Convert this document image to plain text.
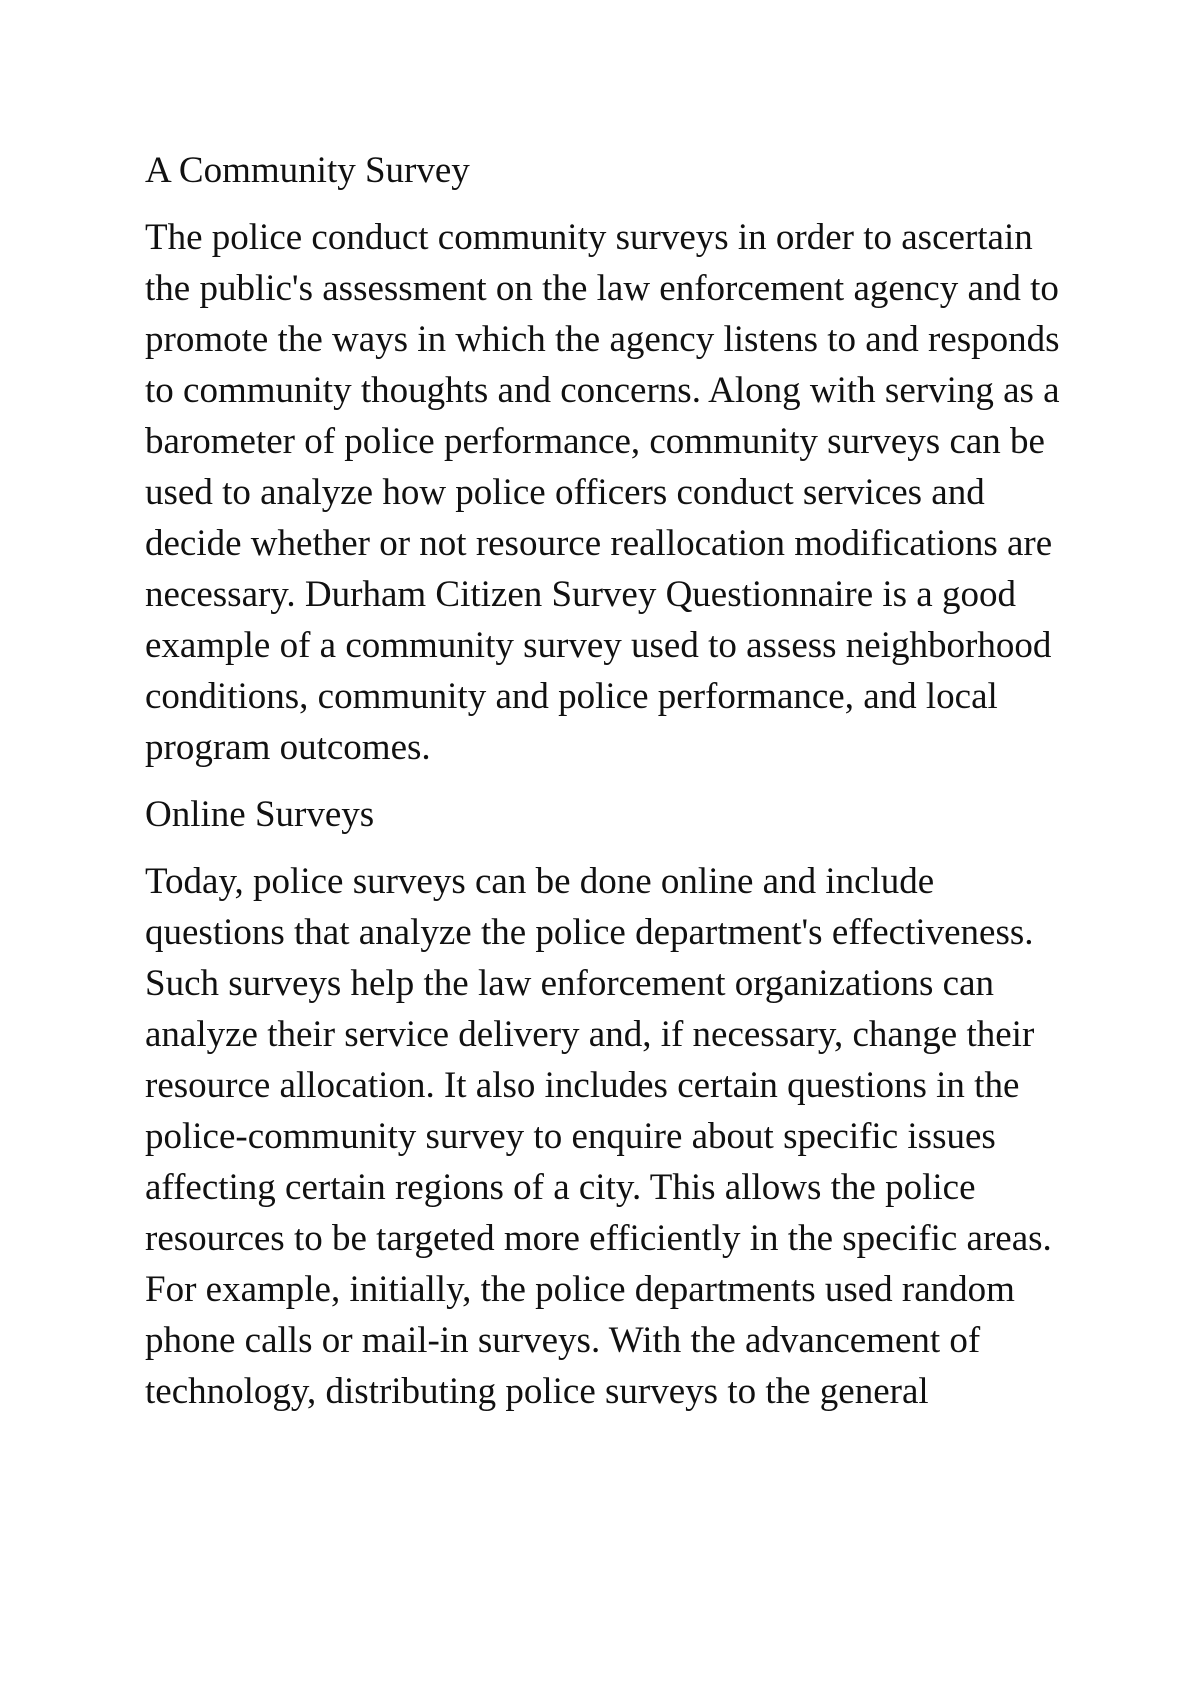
A Community Survey

The police conduct community surveys in order to ascertain the public's assessment on the law enforcement agency and to promote the ways in which the agency listens to and responds to community thoughts and concerns. Along with serving as a barometer of police performance, community surveys can be used to analyze how police officers conduct services and decide whether or not resource reallocation modifications are necessary. Durham Citizen Survey Questionnaire is a good example of a community survey used to assess neighborhood conditions, community and police performance, and local program outcomes.

Online Surveys

Today, police surveys can be done online and include questions that analyze the police department's effectiveness. Such surveys help the law enforcement organizations can analyze their service delivery and, if necessary, change their resource allocation. It also includes certain questions in the police-community survey to enquire about specific issues affecting certain regions of a city. This allows the police resources to be targeted more efficiently in the specific areas. For example, initially, the police departments used random phone calls or mail-in surveys. With the advancement of technology, distributing police surveys to the general
